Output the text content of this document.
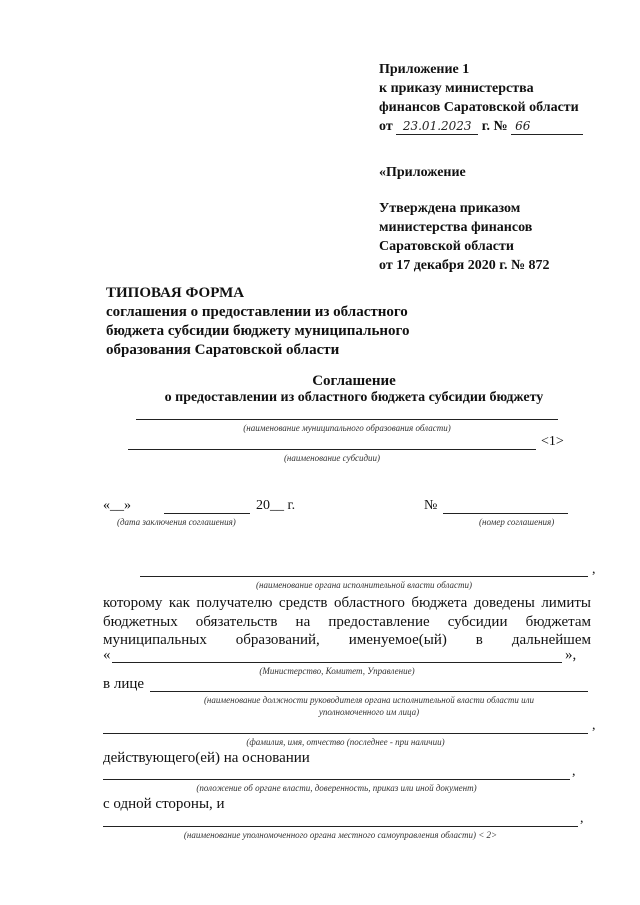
Приложение 1
к приказу министерства
финансов Саратовской области
от 23.01.2023 г. № 66
«Приложение
Утверждена приказом
министерства финансов
Саратовской области
от 17 декабря 2020 г. № 872
ТИПОВАЯ ФОРМА
соглашения о предоставлении из областного
бюджета субсидии бюджету муниципального
образования Саратовской области
Соглашение
о предоставлении из областного бюджета субсидии бюджету
(наименование муниципального образования области)
<1>
(наименование субсидии)
«__»	20__ г.
(дата заключения соглашения)
№
(номер соглашения)
,
(наименование органа исполнительной власти области)
которому как получателю средств областного бюджета доведены лимиты
бюджетных обязательств на предоставление субсидии бюджетам
муниципальных образований, именуемое(ый) в дальнейшем
«	»,
(Министерство, Комитет, Управление)
в лице
(наименование должности руководителя органа исполнительной власти области или
уполномоченного им лица)
,
(фамилия, имя, отчество (последнее - при наличии)
действующего(ей) на основании
,
(положение об органе власти, доверенность, приказ или иной документ)
с одной стороны, и
,
(наименование уполномоченного органа местного самоуправления области) < 2>
